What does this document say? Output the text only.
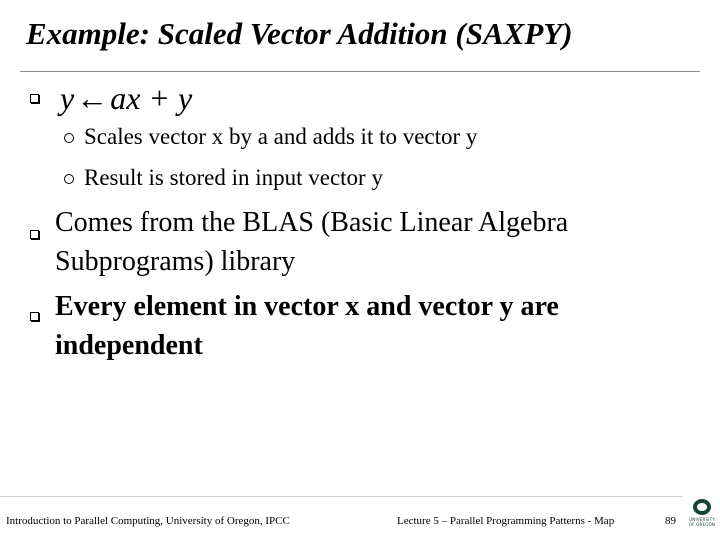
Example: Scaled Vector Addition (SAXPY)
y←ax + y
Scales vector x by a and adds it to vector y
Result is stored in input vector y
Comes from the BLAS (Basic Linear Algebra
Subprograms) library
Every element in vector x and vector y are
independent
Introduction to Parallel Computing, University of Oregon, IPCC	Lecture 5 – Parallel Programming Patterns - Map	89	UNIVERSITY
OF OREGON
